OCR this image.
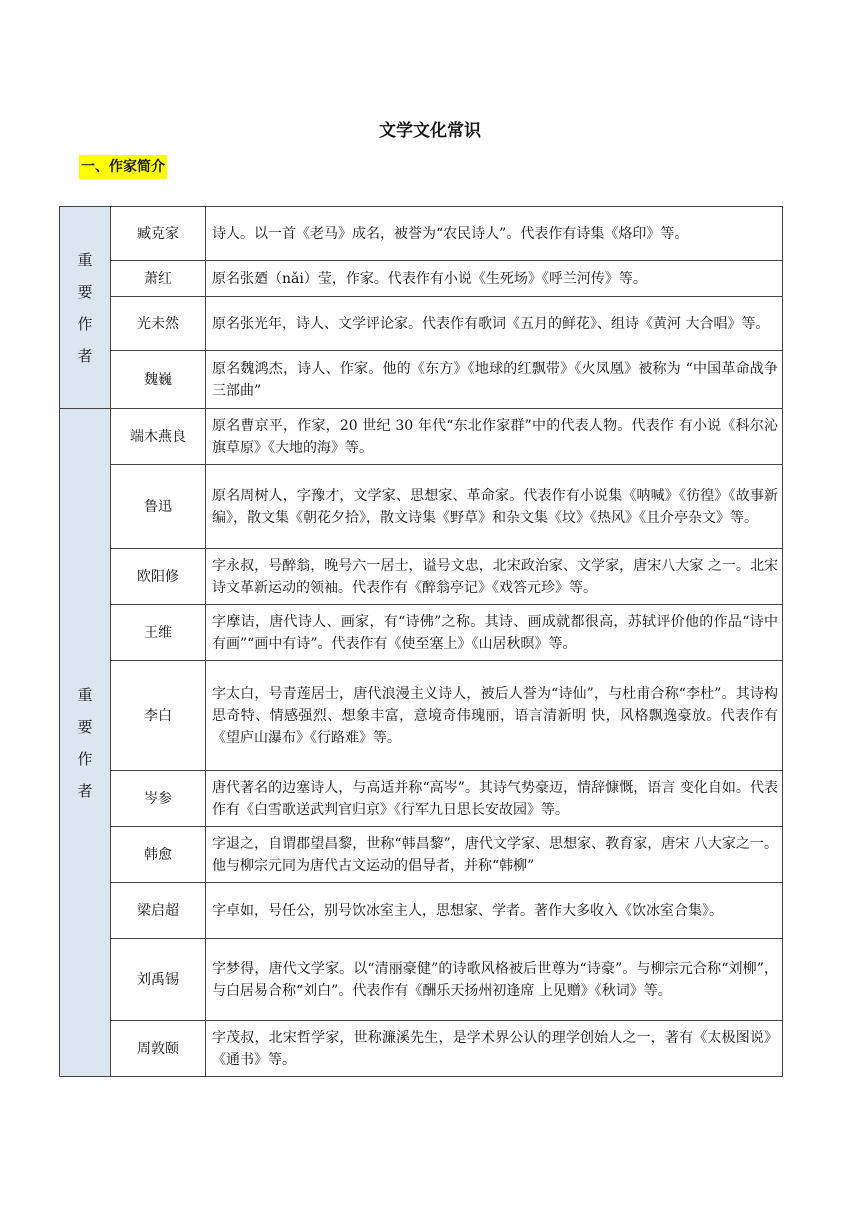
文学文化常识
一、作家简介
重要作者	臧克家	诗人。以一首《老马》成名，被誉为“农民诗人”。代表作有诗集《烙印》等。
	萧红	原名张廼（nǎi）莹，作家。代表作有小说《生死场》《呼兰河传》等。
	光未然	原名张光年，诗人、文学评论家。代表作有歌词《五月的鲜花》、组诗《黄河 大合唱》等。
	魏巍	原名魏鸿杰，诗人、作家。他的《东方》《地球的红飘带》《火凤凰》被称为 “中国革命战争三部曲”
重要作者	端木燕良	原名曹京平，作家，20 世纪 30 年代“东北作家群”中的代表人物。代表作 有小说《科尔沁旗草原》《大地的海》等。
	鲁迅	原名周树人，字豫才，文学家、思想家、革命家。代表作有小说集《呐喊》《彷徨》《故事新编》，散文集《朝花夕拾》，散文诗集《野草》和杂文集《坟》《热风》《且介亭杂文》等。
	欧阳修	字永叔，号醉翁，晚号六一居士，谥号文忠，北宋政治家、文学家，唐宋八大家 之一。北宋诗文革新运动的领袖。代表作有《醉翁亭记》《戏答元珍》等。
	王维	字摩诘，唐代诗人、画家，有“诗佛”之称。其诗、画成就都很高，苏轼评价他的作品“诗中有画”“画中有诗”。代表作有《使至塞上》《山居秋暝》等。
	李白	字太白，号青莲居士，唐代浪漫主义诗人，被后人誉为“诗仙”，与杜甫合称“李杜”。其诗构思奇特、情感强烈、想象丰富，意境奇伟瑰丽，语言清新明 快，风格飘逸豪放。代表作有《望庐山瀑布》《行路难》等。
	岑参	唐代著名的边塞诗人，与高适并称“高岑”。其诗气势豪迈，情辞慷慨，语言 变化自如。代表作有《白雪歌送武判官归京》《行军九日思长安故园》等。
	韩愈	字退之，自谓郡望昌黎，世称“韩昌黎”，唐代文学家、思想家、教育家，唐宋 八大家之一。他与柳宗元同为唐代古文运动的倡导者，并称“韩柳”
	梁启超	字卓如，号任公，别号饮冰室主人，思想家、学者。著作大多收入《饮冰室合集》。
	刘禹锡	字梦得，唐代文学家。以“清丽豪健”的诗歌风格被后世尊为“诗豪”。与柳宗元合称“刘柳”，与白居易合称“刘白”。代表作有《酬乐天扬州初逢席 上见赠》《秋词》等。
	周敦颐	字茂叔，北宋哲学家，世称濂溪先生，是学术界公认的理学创始人之一，著有《太极图说》《通书》等。
